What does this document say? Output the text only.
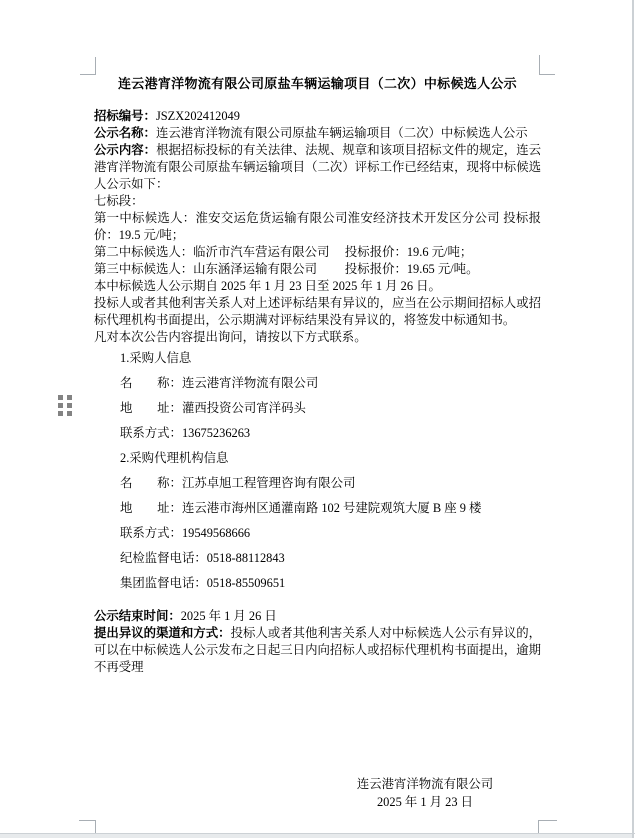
连云港宵洋物流有限公司原盐车辆运输项目（二次）中标候选人公示

招标编号：JSZX202412049

公示名称：连云港宵洋物流有限公司原盐车辆运输项目（二次）中标候选人公示

公示内容：根据招标投标的有关法律、法规、规章和该项目招标文件的规定，连云港宵洋物流有限公司原盐车辆运输项目（二次）评标工作已经结束，现将中标候选人公示如下：

七标段：

第一中标候选人：淮安交运危货运输有限公司淮安经济技术开发区分公司 投标报价：19.5 元/吨；

第二中标候选人：临沂市汽车营运有限公司　 投标报价：19.6 元/吨；

第三中标候选人：山东涵泽运输有限公司　　 投标报价：19.65 元/吨。

本中标候选人公示期自 2025 年 1 月 23 日至 2025 年 1 月 26 日。

投标人或者其他利害关系人对上述评标结果有异议的，应当在公示期间招标人或招标代理机构书面提出，公示期满对评标结果没有异议的，将签发中标通知书。

凡对本次公告内容提出询问，请按以下方式联系。

1.采购人信息
名　　称：连云港宵洋物流有限公司
地　　址：灌西投资公司宵洋码头
联系方式：13675236263
2.采购代理机构信息
名　　称：江苏卓旭工程管理咨询有限公司
地　　址：连云港市海州区通灌南路 102 号建院观筑大厦 B 座 9 楼
联系方式：19549568666
纪检监督电话：0518-88112843
集团监督电话：0518-85509651

公示结束时间：2025 年 1 月 26 日

提出异议的渠道和方式：投标人或者其他利害关系人对中标候选人公示有异议的，可以在中标候选人公示发布之日起三日内向招标人或招标代理机构书面提出，逾期不再受理

连云港宵洋物流有限公司
2025 年 1 月 23 日
